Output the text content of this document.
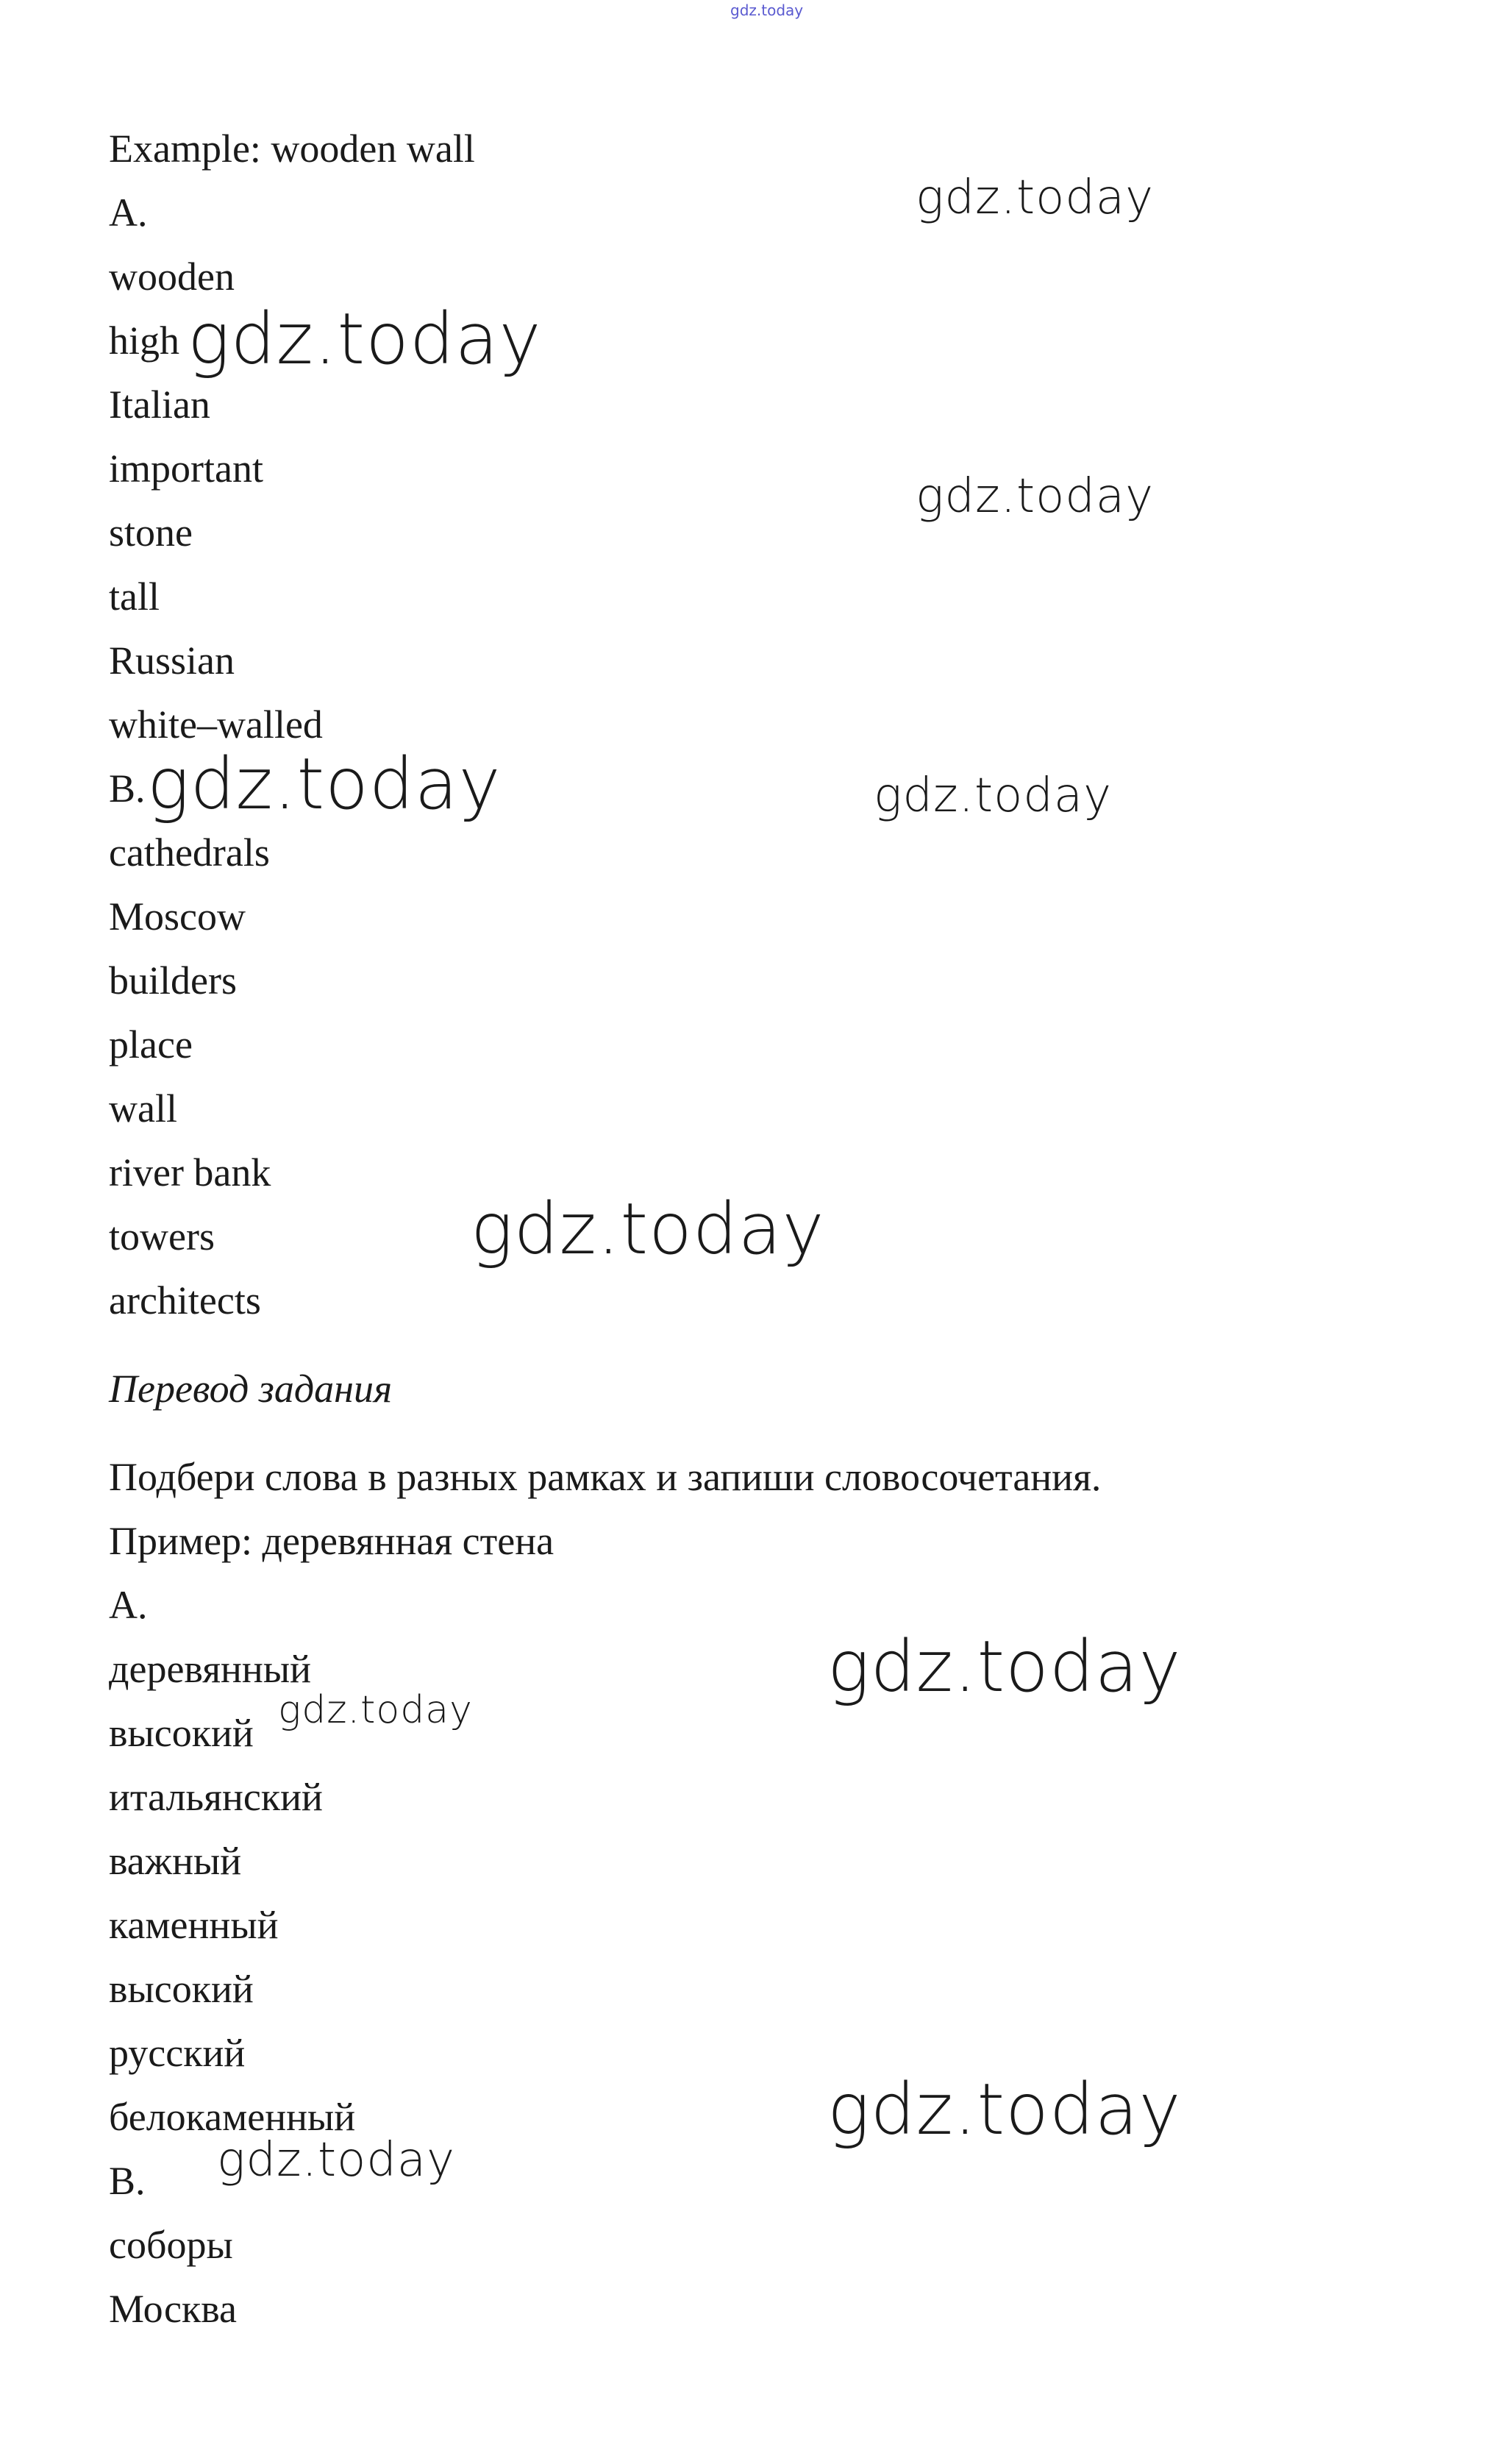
gdz.today
Example: wooden wall
A.
wooden
high
Italian
important
stone
tall
Russian
white–walled
B.
cathedrals
Moscow
builders
place
wall
river bank
towers
architects
Перевод задания
Подбери слова в разных рамках и запиши словосочетания.
Пример: деревянная стена
A.
деревянный
высокий
итальянский
важный
каменный
высокий
русский
белокаменный
B.
соборы
Москва
gdz.today
gdz.today
gdz.today
gdz.today	gdz.today
gdz.today
gdz.today
gdz.today
gdz.today
gdz.today
